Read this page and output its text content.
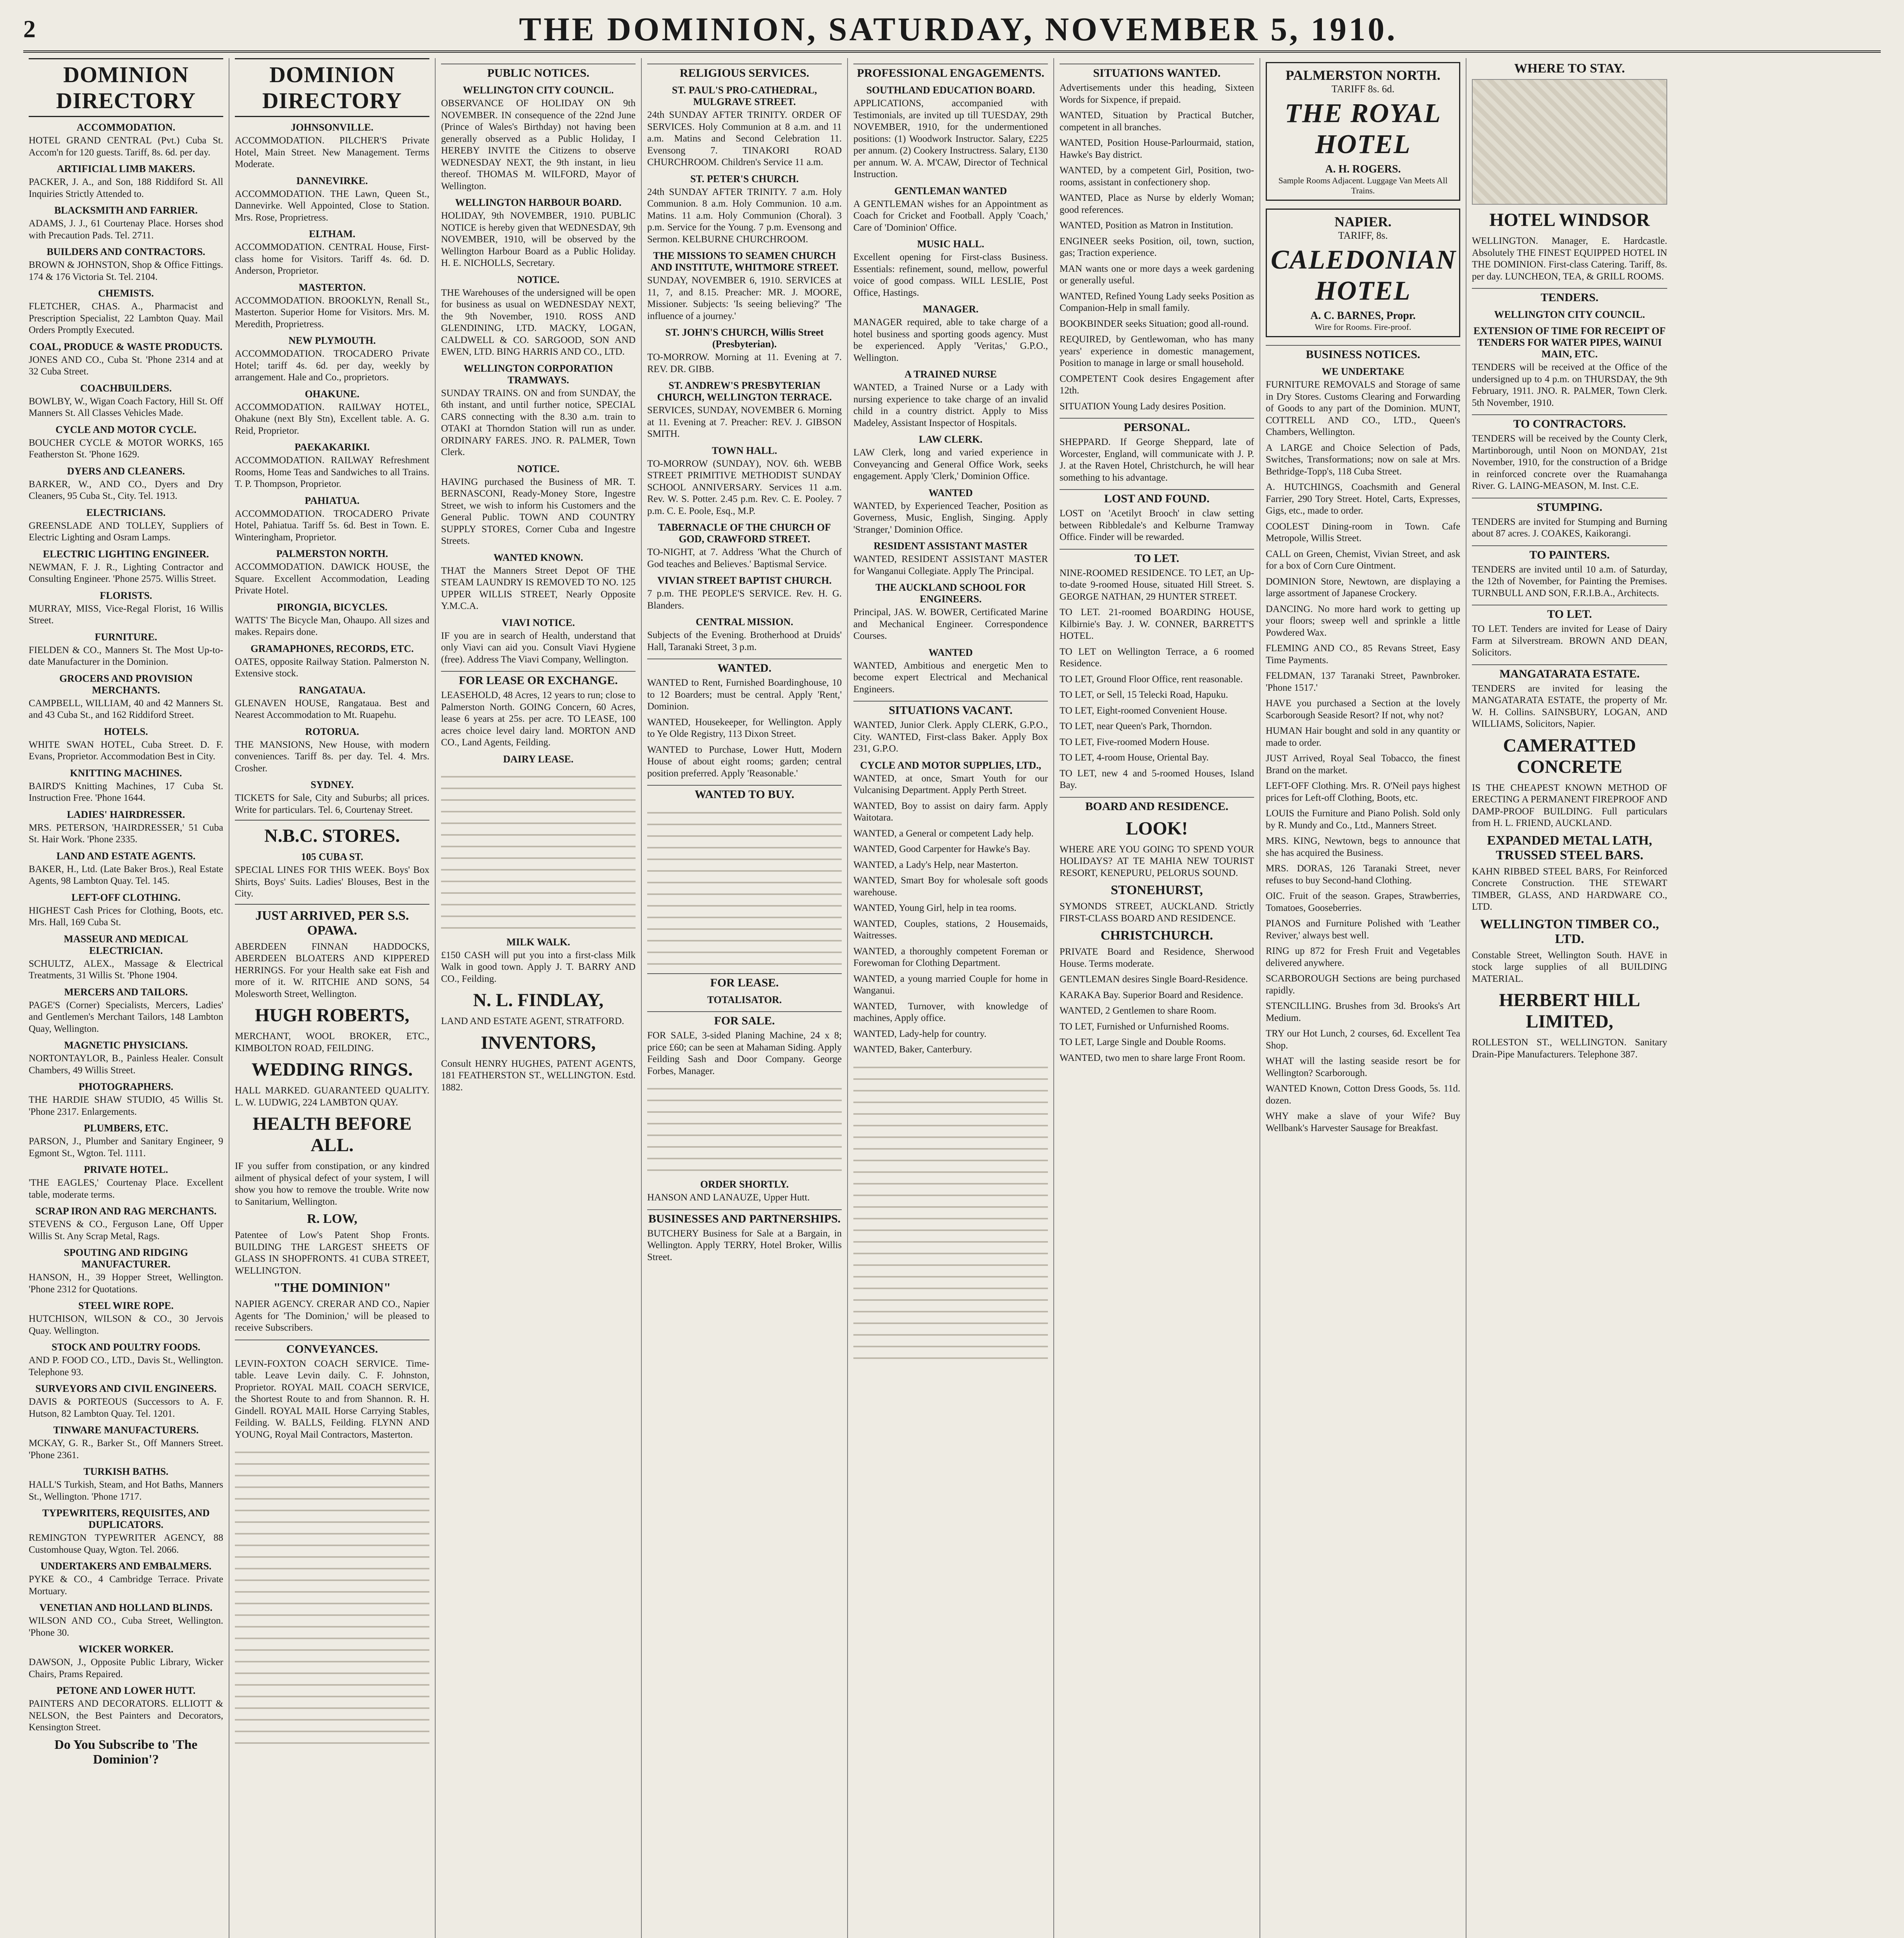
2	THE DOMINION, SATURDAY, NOVEMBER 5, 1910.
DOMINION DIRECTORY
ACCOMMODATION.
HOTEL GRAND CENTRAL (Pvt.) Cuba St. Accom'n for 120 guests. Tariff, 8s. 6d. per day.
ARTIFICIAL LIMB MAKERS.
PACKER, J. A., and Son, 188 Riddiford St. All Inquiries Strictly Attended to.
BLACKSMITH AND FARRIER.
ADAMS, J. J., 61 Courtenay Place. Horses shod with Precaution Pads. Tel. 2711.
BUILDERS AND CONTRACTORS.
BROWN & JOHNSTON, Shop & Office Fittings. 174 & 176 Victoria St. Tel. 2104.
CHEMISTS.
FLETCHER, CHAS. A., Pharmacist and Prescription Specialist, 22 Lambton Quay. Mail Orders Promptly Executed.
COAL, PRODUCE & WASTE PRODUCTS.
JONES AND CO., Cuba St. 'Phone 2314 and at 32 Cuba Street.
COACHBUILDERS.
BOWLBY, W., Wigan Coach Factory, Hill St. Off Manners St. All Classes Vehicles Made.
CYCLE AND MOTOR CYCLE.
BOUCHER CYCLE & MOTOR WORKS, 165 Featherston St. 'Phone 1629.
DYERS AND CLEANERS.
BARKER, W., AND CO., Dyers and Dry Cleaners, 95 Cuba St., City. Tel. 1913.
ELECTRICIANS.
GREENSLADE AND TOLLEY, Suppliers of Electric Lighting and Osram Lamps.
ELECTRIC LIGHTING ENGINEER.
NEWMAN, F. J. R., Lighting Contractor and Consulting Engineer. 'Phone 2575. Willis Street.
FLORISTS.
MURRAY, MISS, Vice-Regal Florist, 16 Willis Street.
FURNITURE.
FIELDEN & CO., Manners St. The Most Up-to-date Manufacturer in the Dominion.
GROCERS AND PROVISION MERCHANTS.
CAMPBELL, WILLIAM, 40 and 42 Manners St. and 43 Cuba St., and 162 Riddiford Street.
HOTELS.
WHITE SWAN HOTEL, Cuba Street. D. F. Evans, Proprietor. Accommodation Best in City.
KNITTING MACHINES.
BAIRD'S Knitting Machines, 17 Cuba St. Instruction Free. 'Phone 1644.
LADIES' HAIRDRESSER.
MRS. PETERSON, 'HAIRDRESSER,' 51 Cuba St. Hair Work. 'Phone 2335.
LAND AND ESTATE AGENTS.
BAKER, H., Ltd. (Late Baker Bros.), Real Estate Agents, 98 Lambton Quay. Tel. 145.
LEFT-OFF CLOTHING.
HIGHEST Cash Prices for Clothing, Boots, etc. Mrs. Hall, 169 Cuba St.
MASSEUR AND MEDICAL ELECTRICIAN.
SCHULTZ, ALEX., Massage & Electrical Treatments, 31 Willis St. 'Phone 1904.
MERCERS AND TAILORS.
PAGE'S (Corner) Specialists, Mercers, Ladies' and Gentlemen's Merchant Tailors, 148 Lambton Quay, Wellington.
MAGNETIC PHYSICIANS.
NORTONTAYLOR, B., Painless Healer. Consult Chambers, 49 Willis Street.
PHOTOGRAPHERS.
THE HARDIE SHAW STUDIO, 45 Willis St. 'Phone 2317. Enlargements.
PLUMBERS, ETC.
PARSON, J., Plumber and Sanitary Engineer, 9 Egmont St., Wgton. Tel. 1111.
PRIVATE HOTEL.
'THE EAGLES,' Courtenay Place. Excellent table, moderate terms.
SCRAP IRON AND RAG MERCHANTS.
STEVENS & CO., Ferguson Lane, Off Upper Willis St. Any Scrap Metal, Rags.
SPOUTING AND RIDGING MANUFACTURER.
HANSON, H., 39 Hopper Street, Wellington. 'Phone 2312 for Quotations.
STEEL WIRE ROPE.
HUTCHISON, WILSON & CO., 30 Jervois Quay. Wellington.
STOCK AND POULTRY FOODS.
AND P. FOOD CO., LTD., Davis St., Wellington. Telephone 93.
SURVEYORS AND CIVIL ENGINEERS.
DAVIS & PORTEOUS (Successors to A. F. Hutson, 82 Lambton Quay. Tel. 1201.
TINWARE MANUFACTURERS.
MCKAY, G. R., Barker St., Off Manners Street. 'Phone 2361.
TURKISH BATHS.
HALL'S Turkish, Steam, and Hot Baths, Manners St., Wellington. 'Phone 1717.
TYPEWRITERS, REQUISITES, AND DUPLICATORS.
REMINGTON TYPEWRITER AGENCY, 88 Customhouse Quay, Wgton. Tel. 2066.
UNDERTAKERS AND EMBALMERS.
PYKE & CO., 4 Cambridge Terrace. Private Mortuary.
VENETIAN AND HOLLAND BLINDS.
WILSON AND CO., Cuba Street, Wellington. 'Phone 30.
WICKER WORKER.
DAWSON, J., Opposite Public Library, Wicker Chairs, Prams Repaired.
PETONE AND LOWER HUTT.
PAINTERS AND DECORATORS. ELLIOTT & NELSON, the Best Painters and Decorators, Kensington Street.
Do You Subscribe to 'The Dominion'?
DOMINION DIRECTORY
JOHNSONVILLE.
ACCOMMODATION. PILCHER'S Private Hotel, Main Street. New Management. Terms Moderate.
DANNEVIRKE.
ACCOMMODATION. THE Lawn, Queen St., Dannevirke. Well Appointed, Close to Station. Mrs. Rose, Proprietress.
ELTHAM.
ACCOMMODATION. CENTRAL House, First-class home for Visitors. Tariff 4s. 6d. D. Anderson, Proprietor.
MASTERTON.
ACCOMMODATION. BROOKLYN, Renall St., Masterton. Superior Home for Visitors. Mrs. M. Meredith, Proprietress.
NEW PLYMOUTH.
ACCOMMODATION. TROCADERO Private Hotel; tariff 4s. 6d. per day, weekly by arrangement. Hale and Co., proprietors.
OHAKUNE.
ACCOMMODATION. RAILWAY HOTEL, Ohakune (next Bly Stn), Excellent table. A. G. Reid, Proprietor.
PAEKAKARIKI.
ACCOMMODATION. RAILWAY Refreshment Rooms, Home Teas and Sandwiches to all Trains. T. P. Thompson, Proprietor.
PAHIATUA.
ACCOMMODATION. TROCADERO Private Hotel, Pahiatua. Tariff 5s. 6d. Best in Town. E. Winteringham, Proprietor.
PALMERSTON NORTH.
ACCOMMODATION. DAWICK HOUSE, the Square. Excellent Accommodation, Leading Private Hotel.
PIRONGIA, BICYCLES.
WATTS' The Bicycle Man, Ohaupo. All sizes and makes. Repairs done.
GRAMAPHONES, RECORDS, ETC.
OATES, opposite Railway Station. Palmerston N. Extensive stock.
RANGATAUA.
GLENAVEN HOUSE, Rangataua. Best and Nearest Accommodation to Mt. Ruapehu.
ROTORUA.
THE MANSIONS, New House, with modern conveniences. Tariff 8s. per day. Tel. 4. Mrs. Crosher.
SYDNEY.
TICKETS for Sale, City and Suburbs; all prices. Write for particulars. Tel. 6, Courtenay Street.
N.B.C. STORES.
105 CUBA ST.
SPECIAL LINES FOR THIS WEEK. Boys' Box Shirts, Boys' Suits. Ladies' Blouses, Best in the City.
JUST ARRIVED, PER S.S. OPAWA.
ABERDEEN FINNAN HADDOCKS, ABERDEEN BLOATERS AND KIPPERED HERRINGS. For your Health sake eat Fish and more of it. W. RITCHIE AND SONS, 54 Molesworth Street, Wellington.
HUGH ROBERTS,
MERCHANT, WOOL BROKER, ETC., KIMBOLTON ROAD, FEILDING.
WEDDING RINGS.
HALL MARKED. GUARANTEED QUALITY. L. W. LUDWIG, 224 LAMBTON QUAY.
HEALTH BEFORE ALL.
IF you suffer from constipation, or any kindred ailment of physical defect of your system, I will show you how to remove the trouble. Write now to Sanitarium, Wellington.
R. LOW,
Patentee of Low's Patent Shop Fronts. BUILDING THE LARGEST SHEETS OF GLASS IN SHOPFRONTS. 41 CUBA STREET, WELLINGTON.
"THE DOMINION"
NAPIER AGENCY. CRERAR AND CO., Napier Agents for 'The Dominion,' will be pleased to receive Subscribers.
CONVEYANCES.
LEVIN-FOXTON COACH SERVICE. Time-table. Leave Levin daily. C. F. Johnston, Proprietor. ROYAL MAIL COACH SERVICE, the Shortest Route to and from Shannon. R. H. Gindell. ROYAL MAIL Horse Carrying Stables, Feilding. W. BALLS, Feilding. FLYNN AND YOUNG, Royal Mail Contractors, Masterton.
PUBLIC NOTICES.
WELLINGTON CITY COUNCIL.
OBSERVANCE OF HOLIDAY ON 9th NOVEMBER. IN consequence of the 22nd June (Prince of Wales's Birthday) not having been generally observed as a Public Holiday, I HEREBY INVITE the Citizens to observe WEDNESDAY NEXT, the 9th instant, in lieu thereof. THOMAS M. WILFORD, Mayor of Wellington.
WELLINGTON HARBOUR BOARD.
HOLIDAY, 9th NOVEMBER, 1910. PUBLIC NOTICE is hereby given that WEDNESDAY, 9th NOVEMBER, 1910, will be observed by the Wellington Harbour Board as a Public Holiday. H. E. NICHOLLS, Secretary.
NOTICE.
THE Warehouses of the undersigned will be open for business as usual on WEDNESDAY NEXT, the 9th November, 1910. ROSS AND GLENDINING, LTD. MACKY, LOGAN, CALDWELL & CO. SARGOOD, SON AND EWEN, LTD. BING HARRIS AND CO., LTD.
WELLINGTON CORPORATION TRAMWAYS.
SUNDAY TRAINS. ON and from SUNDAY, the 6th instant, and until further notice, SPECIAL CARS connecting with the 8.30 a.m. train to OTAKI at Thorndon Station will run as under. ORDINARY FARES. JNO. R. PALMER, Town Clerk.
NOTICE.
HAVING purchased the Business of MR. T. BERNASCONI, Ready-Money Store, Ingestre Street, we wish to inform his Customers and the General Public. TOWN AND COUNTRY SUPPLY STORES, Corner Cuba and Ingestre Streets.
WANTED KNOWN.
THAT the Manners Street Depot OF THE STEAM LAUNDRY IS REMOVED TO NO. 125 UPPER WILLIS STREET, Nearly Opposite Y.M.C.A.
VIAVI NOTICE.
IF you are in search of Health, understand that only Viavi can aid you. Consult Viavi Hygiene (free). Address The Viavi Company, Wellington.
FOR LEASE OR EXCHANGE.
LEASEHOLD, 48 Acres, 12 years to run; close to Palmerston North. GOING Concern, 60 Acres, lease 6 years at 25s. per acre. TO LEASE, 100 acres choice level dairy land. MORTON AND CO., Land Agents, Feilding.
DAIRY LEASE.
MILK WALK.
£150 CASH will put you into a first-class Milk Walk in good town. Apply J. T. BARRY AND CO., Feilding.
N. L. FINDLAY,
LAND AND ESTATE AGENT, STRATFORD.
INVENTORS,
Consult HENRY HUGHES, PATENT AGENTS, 181 FEATHERSTON ST., WELLINGTON. Estd. 1882.
RELIGIOUS SERVICES.
ST. PAUL'S PRO-CATHEDRAL, MULGRAVE STREET.
24th SUNDAY AFTER TRINITY. ORDER OF SERVICES. Holy Communion at 8 a.m. and 11 a.m. Matins and Second Celebration 11. Evensong 7. TINAKORI ROAD CHURCHROOM. Children's Service 11 a.m.
ST. PETER'S CHURCH.
24th SUNDAY AFTER TRINITY. 7 a.m. Holy Communion. 8 a.m. Holy Communion. 10 a.m. Matins. 11 a.m. Holy Communion (Choral). 3 p.m. Service for the Young. 7 p.m. Evensong and Sermon. KELBURNE CHURCHROOM.
THE MISSIONS TO SEAMEN CHURCH AND INSTITUTE, WHITMORE STREET.
SUNDAY, NOVEMBER 6, 1910. SERVICES at 11, 7, and 8.15. Preacher: MR. J. MOORE, Missioner. Subjects: 'Is seeing believing?' 'The influence of a journey.'
ST. JOHN'S CHURCH, Willis Street (Presbyterian).
TO-MORROW. Morning at 11. Evening at 7. REV. DR. GIBB.
ST. ANDREW'S PRESBYTERIAN CHURCH, WELLINGTON TERRACE.
SERVICES, SUNDAY, NOVEMBER 6. Morning at 11. Evening at 7. Preacher: REV. J. GIBSON SMITH.
TOWN HALL.
TO-MORROW (SUNDAY), NOV. 6th. WEBB STREET PRIMITIVE METHODIST SUNDAY SCHOOL ANNIVERSARY. Services 11 a.m. Rev. W. S. Potter. 2.45 p.m. Rev. C. E. Pooley. 7 p.m. C. E. Poole, Esq., M.P.
TABERNACLE OF THE CHURCH OF GOD, CRAWFORD STREET.
TO-NIGHT, at 7. Address 'What the Church of God teaches and Believes.' Baptismal Service.
VIVIAN STREET BAPTIST CHURCH.
7 p.m. THE PEOPLE'S SERVICE. Rev. H. G. Blanders.
CENTRAL MISSION.
Subjects of the Evening. Brotherhood at Druids' Hall, Taranaki Street, 3 p.m.
WANTED.
WANTED to Rent, Furnished Boardinghouse, 10 to 12 Boarders; must be central. Apply 'Rent,' Dominion.
WANTED, Housekeeper, for Wellington. Apply to Ye Olde Registry, 113 Dixon Street.
WANTED to Purchase, Lower Hutt, Modern House of about eight rooms; garden; central position preferred. Apply 'Reasonable.'
WANTED TO BUY.
FOR LEASE.
TOTALISATOR.
FOR SALE.
FOR SALE, 3-sided Planing Machine, 24 x 8; price £60; can be seen at Mahaman Siding. Apply Feilding Sash and Door Company. George Forbes, Manager.
ORDER SHORTLY.
HANSON AND LANAUZE, Upper Hutt.
BUSINESSES AND PARTNERSHIPS.
BUTCHERY Business for Sale at a Bargain, in Wellington. Apply TERRY, Hotel Broker, Willis Street.
PROFESSIONAL ENGAGEMENTS.
SOUTHLAND EDUCATION BOARD.
APPLICATIONS, accompanied with Testimonials, are invited up till TUESDAY, 29th NOVEMBER, 1910, for the undermentioned positions: (1) Woodwork Instructor. Salary, £225 per annum. (2) Cookery Instructress. Salary, £130 per annum. W. A. M'CAW, Director of Technical Instruction.
GENTLEMAN WANTED
A GENTLEMAN wishes for an Appointment as Coach for Cricket and Football. Apply 'Coach,' Care of 'Dominion' Office.
MUSIC HALL.
Excellent opening for First-class Business. Essentials: refinement, sound, mellow, powerful voice of good compass. WILL LESLIE, Post Office, Hastings.
MANAGER.
MANAGER required, able to take charge of a hotel business and sporting goods agency. Must be experienced. Apply 'Veritas,' G.P.O., Wellington.
A TRAINED NURSE
WANTED, a Trained Nurse or a Lady with nursing experience to take charge of an invalid child in a country district. Apply to Miss Madeley, Assistant Inspector of Hospitals.
LAW CLERK.
LAW Clerk, long and varied experience in Conveyancing and General Office Work, seeks engagement. Apply 'Clerk,' Dominion Office.
WANTED
WANTED, by Experienced Teacher, Position as Governess, Music, English, Singing. Apply 'Stranger,' Dominion Office.
RESIDENT ASSISTANT MASTER
WANTED, RESIDENT ASSISTANT MASTER for Wanganui Collegiate. Apply The Principal.
THE AUCKLAND SCHOOL FOR ENGINEERS.
Principal, JAS. W. BOWER, Certificated Marine and Mechanical Engineer. Correspondence Courses.
WANTED
WANTED, Ambitious and energetic Men to become expert Electrical and Mechanical Engineers.
SITUATIONS VACANT.
WANTED, Junior Clerk. Apply CLERK, G.P.O., City. WANTED, First-class Baker. Apply Box 231, G.P.O.
CYCLE AND MOTOR SUPPLIES, LTD.,
WANTED, at once, Smart Youth for our Vulcanising Department. Apply Perth Street.
WANTED, Boy to assist on dairy farm. Apply Waitotara.
WANTED, a General or competent Lady help.
WANTED, Good Carpenter for Hawke's Bay.
WANTED, a Lady's Help, near Masterton.
WANTED, Smart Boy for wholesale soft goods warehouse.
WANTED, Young Girl, help in tea rooms.
WANTED, Couples, stations, 2 Housemaids, Waitresses.
WANTED, a thoroughly competent Foreman or Forewoman for Clothing Department.
WANTED, a young married Couple for home in Wanganui.
WANTED, Turnover, with knowledge of machines, Apply office.
WANTED, Lady-help for country.
WANTED, Baker, Canterbury.
SITUATIONS WANTED.
Advertisements under this heading, Sixteen Words for Sixpence, if prepaid.
WANTED, Situation by Practical Butcher, competent in all branches.
WANTED, Position House-Parlourmaid, station, Hawke's Bay district.
WANTED, by a competent Girl, Position, two-rooms, assistant in confectionery shop.
WANTED, Place as Nurse by elderly Woman; good references.
WANTED, Position as Matron in Institution.
ENGINEER seeks Position, oil, town, suction, gas; Traction experience.
MAN wants one or more days a week gardening or generally useful.
WANTED, Refined Young Lady seeks Position as Companion-Help in small family.
BOOKBINDER seeks Situation; good all-round.
REQUIRED, by Gentlewoman, who has many years' experience in domestic management, Position to manage in large or small household.
COMPETENT Cook desires Engagement after 12th.
SITUATION Young Lady desires Position.
PERSONAL.
SHEPPARD. If George Sheppard, late of Worcester, England, will communicate with J. P. J. at the Raven Hotel, Christchurch, he will hear something to his advantage.
LOST AND FOUND.
LOST on 'Acetilyt Brooch' in claw setting between Ribbledale's and Kelburne Tramway Office. Finder will be rewarded.
TO LET.
NINE-ROOMED RESIDENCE. TO LET, an Up-to-date 9-roomed House, situated Hill Street. S. GEORGE NATHAN, 29 HUNTER STREET.
TO LET. 21-roomed BOARDING HOUSE, Kilbirnie's Bay. J. W. CONNER, BARRETT'S HOTEL.
TO LET on Wellington Terrace, a 6 roomed Residence.
TO LET, Ground Floor Office, rent reasonable.
TO LET, or Sell, 15 Telecki Road, Hapuku.
TO LET, Eight-roomed Convenient House.
TO LET, near Queen's Park, Thorndon.
TO LET, Five-roomed Modern House.
TO LET, 4-room House, Oriental Bay.
TO LET, new 4 and 5-roomed Houses, Island Bay.
BOARD AND RESIDENCE.
LOOK!
WHERE ARE YOU GOING TO SPEND YOUR HOLIDAYS? AT TE MAHIA NEW TOURIST RESORT, KENEPURU, PELORUS SOUND.
STONEHURST,
SYMONDS STREET, AUCKLAND. Strictly FIRST-CLASS BOARD AND RESIDENCE.
CHRISTCHURCH.
PRIVATE Board and Residence, Sherwood House. Terms moderate.
GENTLEMAN desires Single Board-Residence.
KARAKA Bay. Superior Board and Residence.
WANTED, 2 Gentlemen to share Room.
TO LET, Furnished or Unfurnished Rooms.
TO LET, Large Single and Double Rooms.
WANTED, two men to share large Front Room.
PALMERSTON NORTH.
TARIFF 8s. 6d.
THE ROYAL HOTEL
A. H. ROGERS.
Sample Rooms Adjacent. Luggage Van Meets All Trains.
NAPIER.
TARIFF, 8s.
CALEDONIAN HOTEL
A. C. BARNES, Propr.
Wire for Rooms. Fire-proof.
BUSINESS NOTICES.
WE UNDERTAKE
FURNITURE REMOVALS and Storage of same in Dry Stores. Customs Clearing and Forwarding of Goods to any part of the Dominion. MUNT, COTTRELL AND CO., LTD., Queen's Chambers, Wellington.
A LARGE and Choice Selection of Pads, Switches, Transformations; now on sale at Mrs. Bethridge-Topp's, 118 Cuba Street.
A. HUTCHINGS, Coachsmith and General Farrier, 290 Tory Street. Hotel, Carts, Expresses, Gigs, etc., made to order.
COOLEST Dining-room in Town. Cafe Metropole, Willis Street.
CALL on Green, Chemist, Vivian Street, and ask for a box of Corn Cure Ointment.
DOMINION Store, Newtown, are displaying a large assortment of Japanese Crockery.
DANCING. No more hard work to getting up your floors; sweep well and sprinkle a little Powdered Wax.
FLEMING AND CO., 85 Revans Street, Easy Time Payments.
FELDMAN, 137 Taranaki Street, Pawnbroker. 'Phone 1517.'
HAVE you purchased a Section at the lovely Scarborough Seaside Resort? If not, why not?
HUMAN Hair bought and sold in any quantity or made to order.
JUST Arrived, Royal Seal Tobacco, the finest Brand on the market.
LEFT-OFF Clothing. Mrs. R. O'Neil pays highest prices for Left-off Clothing, Boots, etc.
LOUIS the Furniture and Piano Polish. Sold only by R. Mundy and Co., Ltd., Manners Street.
MRS. KING, Newtown, begs to announce that she has acquired the Business.
MRS. DORAS, 126 Taranaki Street, never refuses to buy Second-hand Clothing.
OIC. Fruit of the season. Grapes, Strawberries, Tomatoes, Gooseberries.
PIANOS and Furniture Polished with 'Leather Reviver,' always best well.
RING up 872 for Fresh Fruit and Vegetables delivered anywhere.
SCARBOROUGH Sections are being purchased rapidly.
STENCILLING. Brushes from 3d. Brooks's Art Medium.
TRY our Hot Lunch, 2 courses, 6d. Excellent Tea Shop.
WHAT will the lasting seaside resort be for Wellington? Scarborough.
WANTED Known, Cotton Dress Goods, 5s. 11d. dozen.
WHY make a slave of your Wife? Buy Wellbank's Harvester Sausage for Breakfast.
WHERE TO STAY.
HOTEL WINDSOR
WELLINGTON. Manager, E. Hardcastle. Absolutely THE FINEST EQUIPPED HOTEL IN THE DOMINION. First-class Catering. Tariff, 8s. per day. LUNCHEON, TEA, & GRILL ROOMS.
TENDERS.
WELLINGTON CITY COUNCIL.
EXTENSION OF TIME FOR RECEIPT OF TENDERS FOR WATER PIPES, WAINUI MAIN, ETC.
TENDERS will be received at the Office of the undersigned up to 4 p.m. on THURSDAY, the 9th February, 1911. JNO. R. PALMER, Town Clerk. 5th November, 1910.
TO CONTRACTORS.
TENDERS will be received by the County Clerk, Martinborough, until Noon on MONDAY, 21st November, 1910, for the construction of a Bridge in reinforced concrete over the Ruamahanga River. G. LAING-MEASON, M. Inst. C.E.
STUMPING.
TENDERS are invited for Stumping and Burning about 87 acres. J. COAKES, Kaikorangi.
TO PAINTERS.
TENDERS are invited until 10 a.m. of Saturday, the 12th of November, for Painting the Premises. TURNBULL AND SON, F.R.I.B.A., Architects.
TO LET.
TO LET. Tenders are invited for Lease of Dairy Farm at Silverstream. BROWN AND DEAN, Solicitors.
MANGATARATA ESTATE.
TENDERS are invited for leasing the MANGATARATA ESTATE, the property of Mr. W. H. Collins. SAINSBURY, LOGAN, AND WILLIAMS, Solicitors, Napier.
CAMERATTED CONCRETE
IS THE CHEAPEST KNOWN METHOD OF ERECTING A PERMANENT FIREPROOF AND DAMP-PROOF BUILDING. Full particulars from H. L. FRIEND, AUCKLAND.
EXPANDED METAL LATH, TRUSSED STEEL BARS.
KAHN RIBBED STEEL BARS, For Reinforced Concrete Construction. THE STEWART TIMBER, GLASS, AND HARDWARE CO., LTD.
WELLINGTON TIMBER CO., LTD.
Constable Street, Wellington South. HAVE in stock large supplies of all BUILDING MATERIAL.
HERBERT HILL LIMITED,
ROLLESTON ST., WELLINGTON. Sanitary Drain-Pipe Manufacturers. Telephone 387.
